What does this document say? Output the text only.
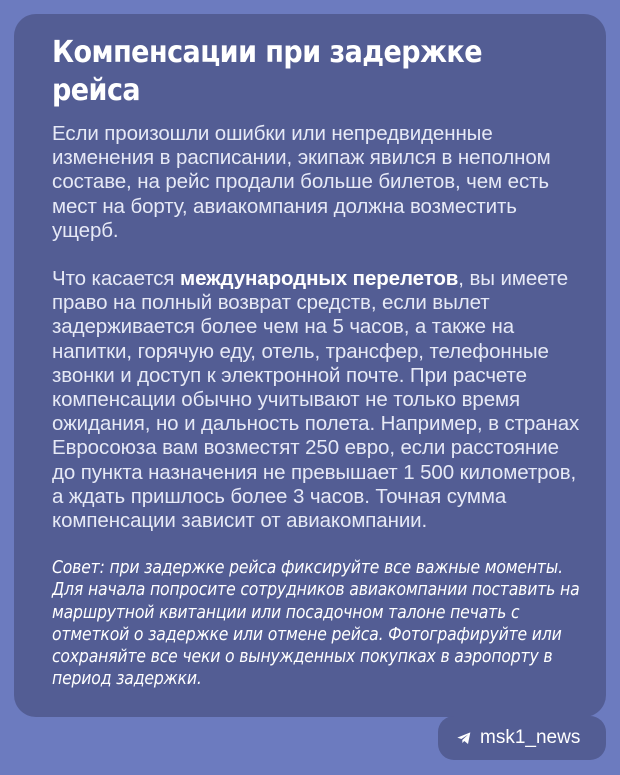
Компенсации при задержке рейса

Если произошли ошибки или непредвиденные изменения в расписании, экипаж явился в неполном составе, на рейс продали больше билетов, чем есть мест на борту, авиакомпания должна возместить ущерб.

Что касается международных перелетов, вы имеете право на полный возврат средств, если вылет задерживается более чем на 5 часов, а также на напитки, горячую еду, отель, трансфер, телефонные звонки и доступ к электронной почте. При расчете компенсации обычно учитывают не только время ожидания, но и дальность полета. Например, в странах Евросоюза вам возместят 250 евро, если расстояние до пункта назначения не превышает 1 500 километров, а ждать пришлось более 3 часов. Точная сумма компенсации зависит от авиакомпании.

Совет: при задержке рейса фиксируйте все важные моменты. Для начала попросите сотрудников авиакомпании поставить на маршрутной квитанции или посадочном талоне печать с отметкой о задержке или отмене рейса. Фотографируйте или сохраняйте все чеки о вынужденных покупках в аэропорту в период задержки.

msk1_news
